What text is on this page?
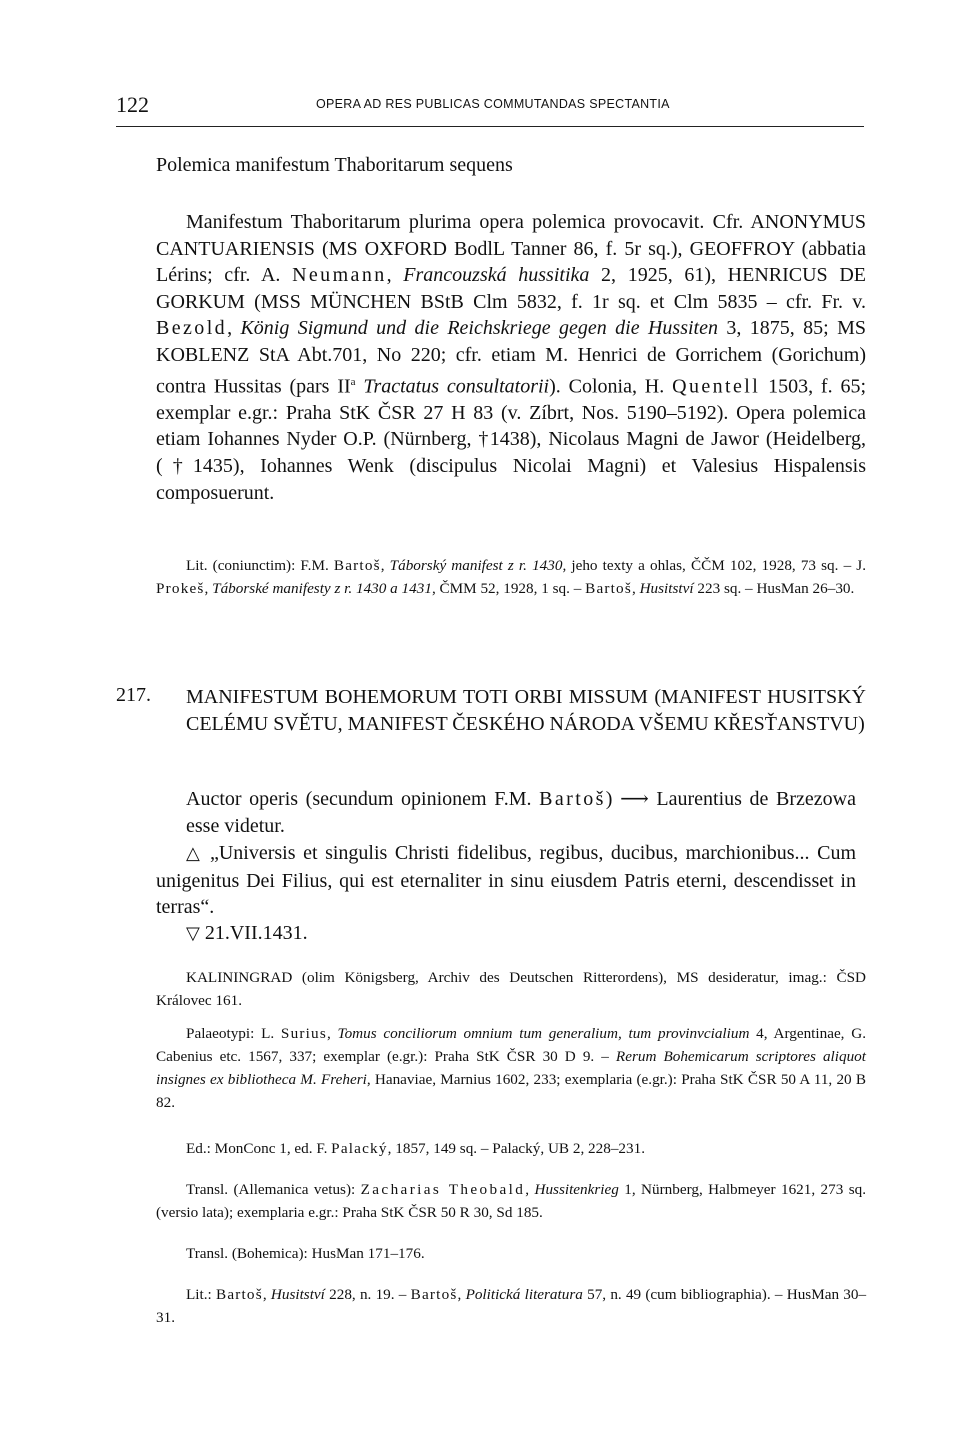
122	OPERA AD RES PUBLICAS COMMUTANDAS SPECTANTIA

Polemica manifestum Thaboritarum sequens

Manifestum Thaboritarum plurima opera polemica provocavit. Cfr. ANONYMUS CANTUARIENSIS (MS OXFORD BodlL Tanner 86, f. 5r sq.), GEOFFROY (abbatia Lérins; cfr. A. Neumann, Francouzská hussitika 2, 1925, 61), HENRICUS DE GORKUM (MSS MÜNCHEN BStB Clm 5832, f. 1r sq. et Clm 5835 – cfr. Fr. v. Bezold, König Sigmund und die Reichskriege gegen die Hussiten 3, 1875, 85; MS KOBLENZ StA Abt.701, No 220; cfr. etiam M. Henrici de Gorrichem (Gorichum) contra Hussitas (pars $II^a$ Tractatus consultatorii). Colonia, H. Quentell 1503, f. 65; exemplar e.gr.: Praha StK ČSR 27 H 83 (v. Zíbrt, Nos. 5190–5192). Opera polemica etiam Iohannes Nyder O.P. (Nürnberg, †1438), Nicolaus Magni de Jawor (Heidelberg, (†1435), Iohannes Wenk (discipulus Nicolai Magni) et Valesius Hispalensis composuerunt.

Lit. (coniunctim): F.M. Bartoš, Táborský manifest z r. 1430, jeho texty a ohlas, ČČM 102, 1928, 73 sq. – J. Prokeš, Táborské manifesty z r. 1430 a 1431, ČMM 52, 1928, 1 sq. – Bartoš, Husitství 223 sq. – HusMan 26–30.

217. MANIFESTUM BOHEMORUM TOTI ORBI MISSUM (MANIFEST HUSITSKÝ CELÉMU SVĚTU, MANIFEST ČESKÉHO NÁRODA VŠEMU KŘESŤANSTVU)

Auctor operis (secundum opinionem F.M. Bartoš) ⟶ Laurentius de Brzezowa esse videtur.

△ „Universis et singulis Christi fidelibus, regibus, ducibus, marchionibus... Cum unigenitus Dei Filius, qui est eternaliter in sinu eiusdem Patris eterni, descendisset in terras“.

▽ 21.VII.1431.

KALININGRAD (olim Königsberg, Archiv des Deutschen Ritterordens), MS desideratur, imag.: ČSD Královec 161.

Palaeotypi: L. Surius, Tomus conciliorum omnium tum generalium, tum provinvcialium 4, Argentinae, G. Cabenius etc. 1567, 337; exemplar (e.gr.): Praha StK ČSR 30 D 9. – Rerum Bohemicarum scriptores aliquot insignes ex bibliotheca M. Freheri, Hanaviae, Marnius 1602, 233; exemplaria (e.gr.): Praha StK ČSR 50 A 11, 20 B 82.

Ed.: MonConc 1, ed. F. Palacký, 1857, 149 sq. – Palacký, UB 2, 228–231.

Transl. (Allemanica vetus): Zacharias Theobald, Hussitenkrieg 1, Nürnberg, Halbmeyer 1621, 273 sq. (versio lata); exemplaria e.gr.: Praha StK ČSR 50 R 30, Sd 185.

Transl. (Bohemica): HusMan 171–176.

Lit.: Bartoš, Husitství 228, n. 19. – Bartoš, Politická literatura 57, n. 49 (cum bibliographia). – HusMan 30–31.
